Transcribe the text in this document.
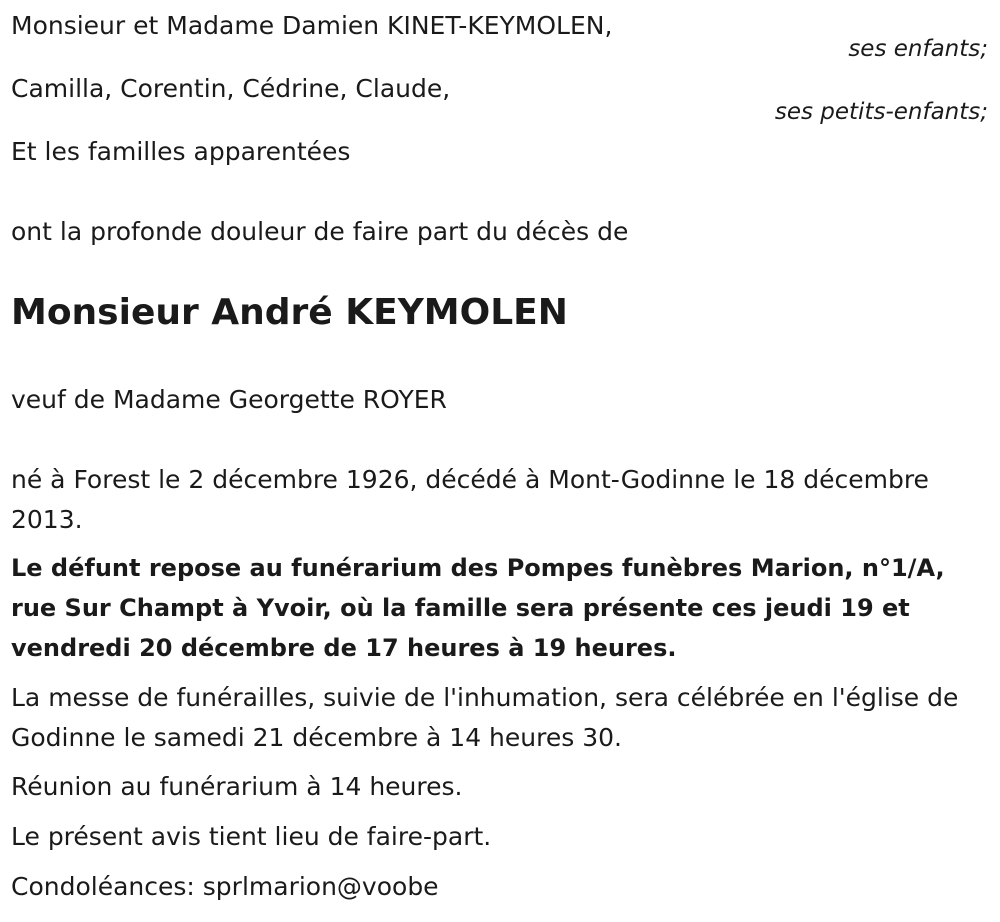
Monsieur et Madame Damien KINET-KEYMOLEN,
ses enfants;
Camilla, Corentin, Cédrine, Claude,
ses petits-enfants;
Et les familles apparentées
ont la profonde douleur de faire part du décès de
Monsieur André KEYMOLEN
veuf de Madame Georgette ROYER
né à Forest le 2 décembre 1926, décédé à Mont-Godinne le 18 décembre 2013.
Le défunt repose au funérarium des Pompes funèbres Marion, n°1/A, rue Sur Champt à Yvoir, où la famille sera présente ces jeudi 19 et vendredi 20 décembre de 17 heures à 19 heures.
La messe de funérailles, suivie de l'inhumation, sera célébrée en l'église de Godinne le samedi 21 décembre à 14 heures 30.
Réunion au funérarium à 14 heures.
Le présent avis tient lieu de faire-part.
Condoléances: sprlmarion@voobe
